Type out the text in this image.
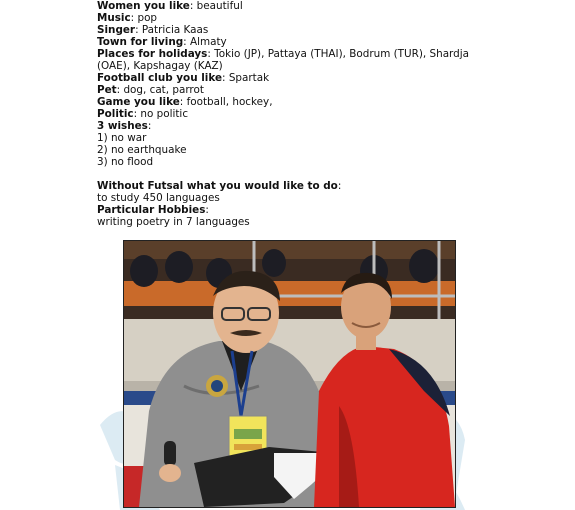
Women you like: beautiful
Music: pop
Singer: Patricia Kaas
Town for living: Almaty
Places for holidays: Tokio (JP), Pattaya (THAI), Bodrum (TUR), Shardja (OAE), Kapshagay (KAZ)
Football club you like: Spartak
Pet: dog, cat, parrot
Game you like: football, hockey,
Politic: no politic
3 wishes:
1) no war
2) no earthquake
3) no flood
Without Futsal what you would like to do:
to study 450 languages
Particular Hobbies:
writing poetry in 7 languages
